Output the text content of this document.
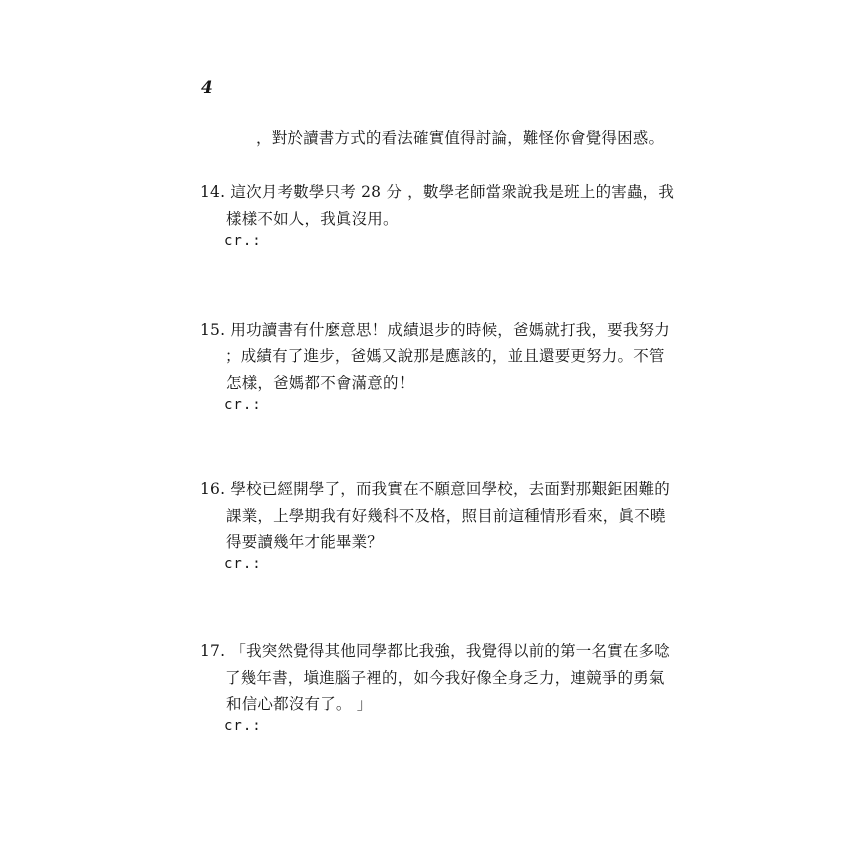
4
，對於讀書方式的看法確實值得討論，難怪你會覺得困惑。
14. 這次月考數學只考 28 分 ，數學老師當衆說我是班上的害蟲，我
樣樣不如人，我眞沒用。
cr.:
15. 用功讀書有什麼意思！成績退步的時候，爸媽就打我，要我努力
；成績有了進步，爸媽又說那是應該的，並且還要更努力。不管
怎樣，爸媽都不會滿意的！
cr.:
16. 學校已經開學了，而我實在不願意回學校，去面對那艱鉅困難的
課業，上學期我有好幾科不及格，照目前這種情形看來，眞不曉
得要讀幾年才能畢業？
cr.:
17. 「我突然覺得其他同學都比我強，我覺得以前的第一名實在多唸
了幾年書，塡進腦子裡的，如今我好像全身乏力，連競爭的勇氣
和信心都沒有了。 」
cr.:
